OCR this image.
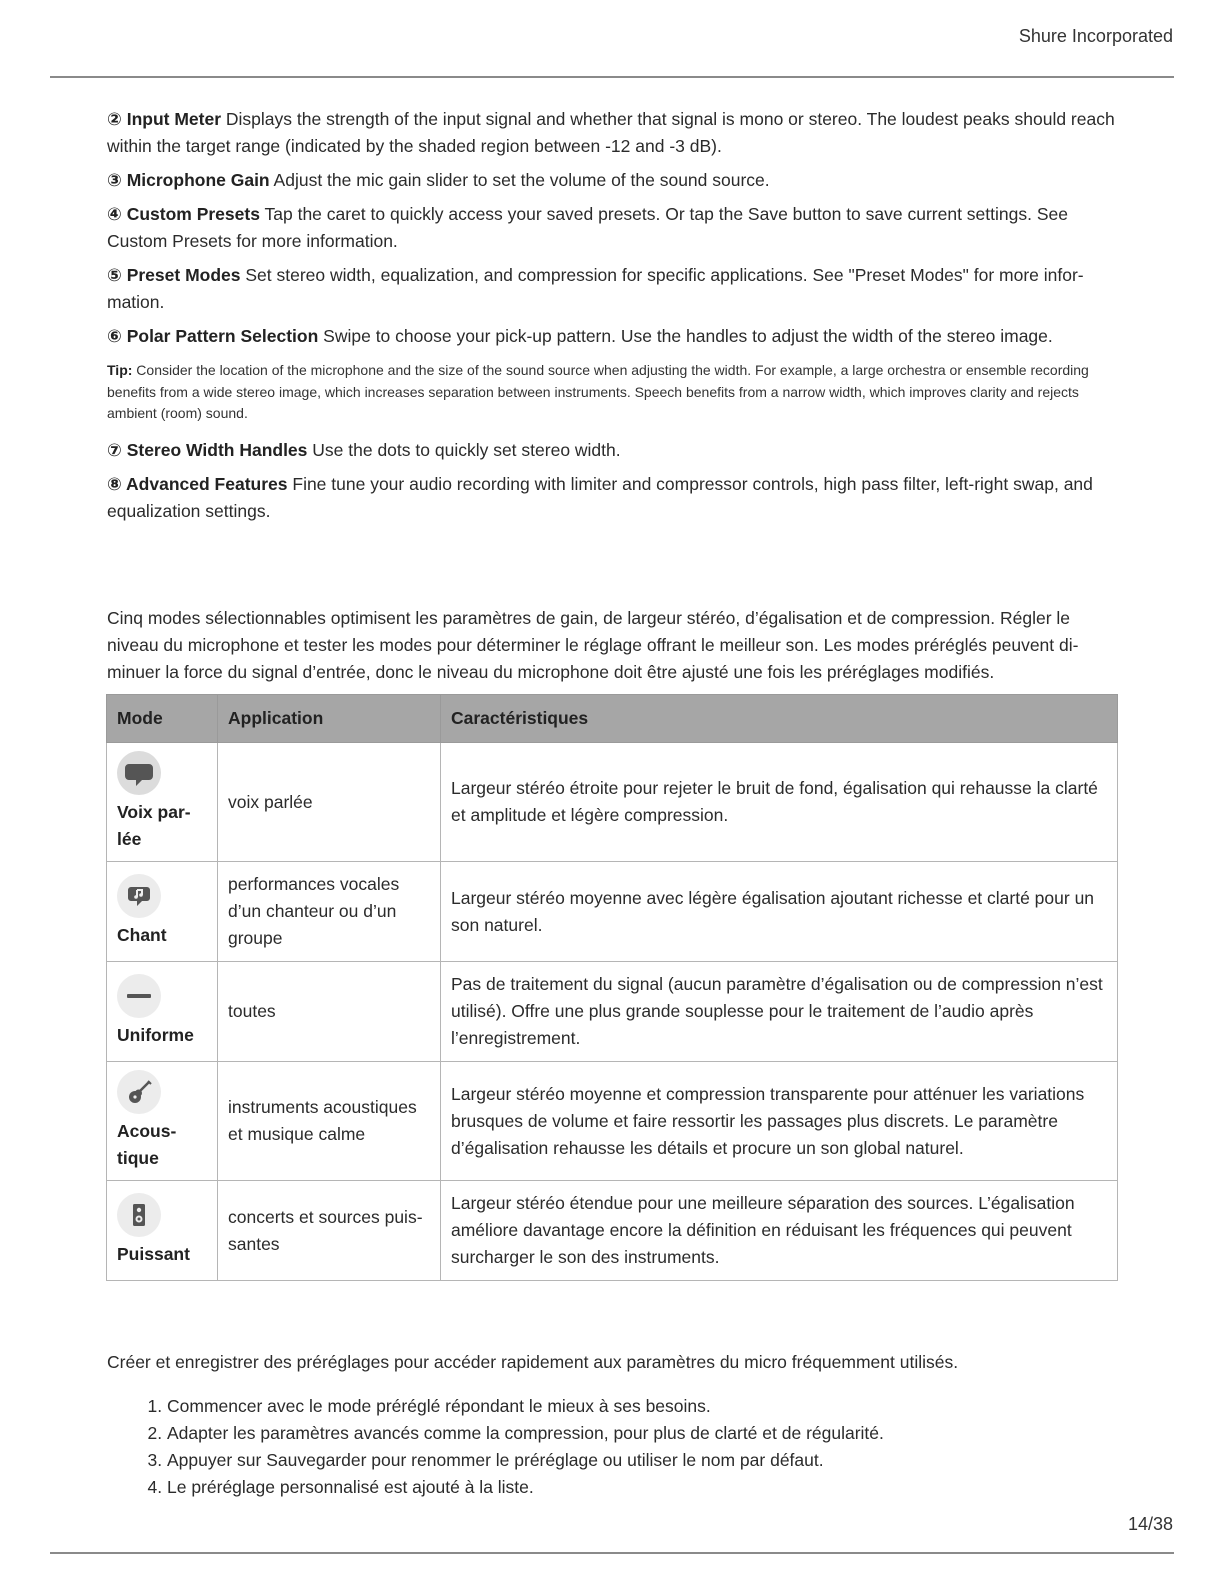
Shure Incorporated

② Input Meter Displays the strength of the input signal and whether that signal is mono or stereo. The loudest peaks should reach within the target range (indicated by the shaded region between -12 and -3 dB).

③ Microphone Gain Adjust the mic gain slider to set the volume of the sound source.

④ Custom Presets Tap the caret to quickly access your saved presets. Or tap the Save button to save current settings. See Custom Presets for more information.

⑤ Preset Modes Set stereo width, equalization, and compression for specific applications. See "Preset Modes" for more infor-mation.

⑥ Polar Pattern Selection Swipe to choose your pick-up pattern. Use the handles to adjust the width of the stereo image.

Tip: Consider the location of the microphone and the size of the sound source when adjusting the width. For example, a large orchestra or ensemble recording benefits from a wide stereo image, which increases separation between instruments. Speech benefits from a narrow width, which improves clarity and rejects ambient (room) sound.

⑦ Stereo Width Handles Use the dots to quickly set stereo width.

⑧ Advanced Features Fine tune your audio recording with limiter and compressor controls, high pass filter, left-right swap, and equalization settings.

Cinq modes sélectionnables optimisent les paramètres de gain, de largeur stéréo, d’égalisation et de compression. Régler le niveau du microphone et tester les modes pour déterminer le réglage offrant le meilleur son. Les modes préréglés peuvent di-minuer la force du signal d’entrée, donc le niveau du microphone doit être ajusté une fois les préréglages modifiés.

Mode	Application	Caractéristiques

Voix par-lée	voix parlée	Largeur stéréo étroite pour rejeter le bruit de fond, égalisation qui rehausse la clarté et amplitude et légère compression.

Chant	performances vocales d’un chanteur ou d’un groupe	Largeur stéréo moyenne avec légère égalisation ajoutant richesse et clarté pour un son naturel.

Uniforme	toutes	Pas de traitement du signal (aucun paramètre d’égalisation ou de compression n’est utilisé). Offre une plus grande souplesse pour le traitement de l’audio après l’enregistrement.

Acous-tique	instruments acoustiques et musique calme	Largeur stéréo moyenne et compression transparente pour atténuer les variations brusques de volume et faire ressortir les passages plus discrets. Le paramètre d’égalisation rehausse les détails et procure un son global naturel.

Puissant	concerts et sources puis-santes	Largeur stéréo étendue pour une meilleure séparation des sources. L’égalisation améliore davantage encore la définition en réduisant les fréquences qui peuvent surcharger le son des instruments.

Créer et enregistrer des préréglages pour accéder rapidement aux paramètres du micro fréquemment utilisés.

1. Commencer avec le mode préréglé répondant le mieux à ses besoins.
2. Adapter les paramètres avancés comme la compression, pour plus de clarté et de régularité.
3. Appuyer sur Sauvegarder pour renommer le préréglage ou utiliser le nom par défaut.
4. Le préréglage personnalisé est ajouté à la liste.
14/38
